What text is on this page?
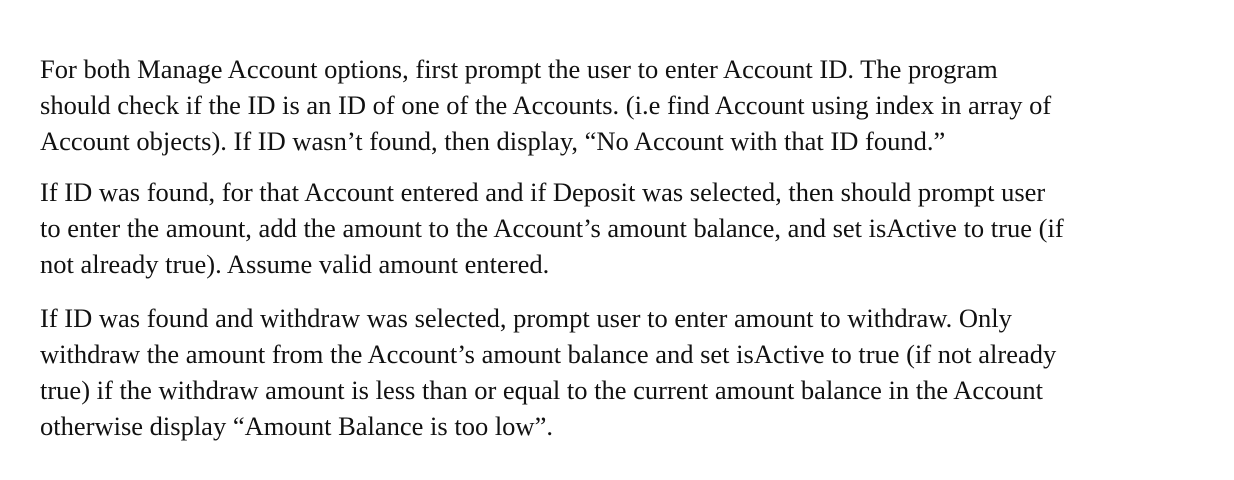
For both Manage Account options, first prompt the user to enter Account ID. The program
should check if the ID is an ID of one of the Accounts. (i.e find Account using index in array of
Account objects). If ID wasn’t found, then display, “No Account with that ID found.”

If ID was found, for that Account entered and if Deposit was selected, then should prompt user
to enter the amount, add the amount to the Account’s amount balance, and set isActive to true (if
not already true). Assume valid amount entered.

If ID was found and withdraw was selected, prompt user to enter amount to withdraw. Only
withdraw the amount from the Account’s amount balance and set isActive to true (if not already
true) if the withdraw amount is less than or equal to the current amount balance in the Account
otherwise display “Amount Balance is too low”.
